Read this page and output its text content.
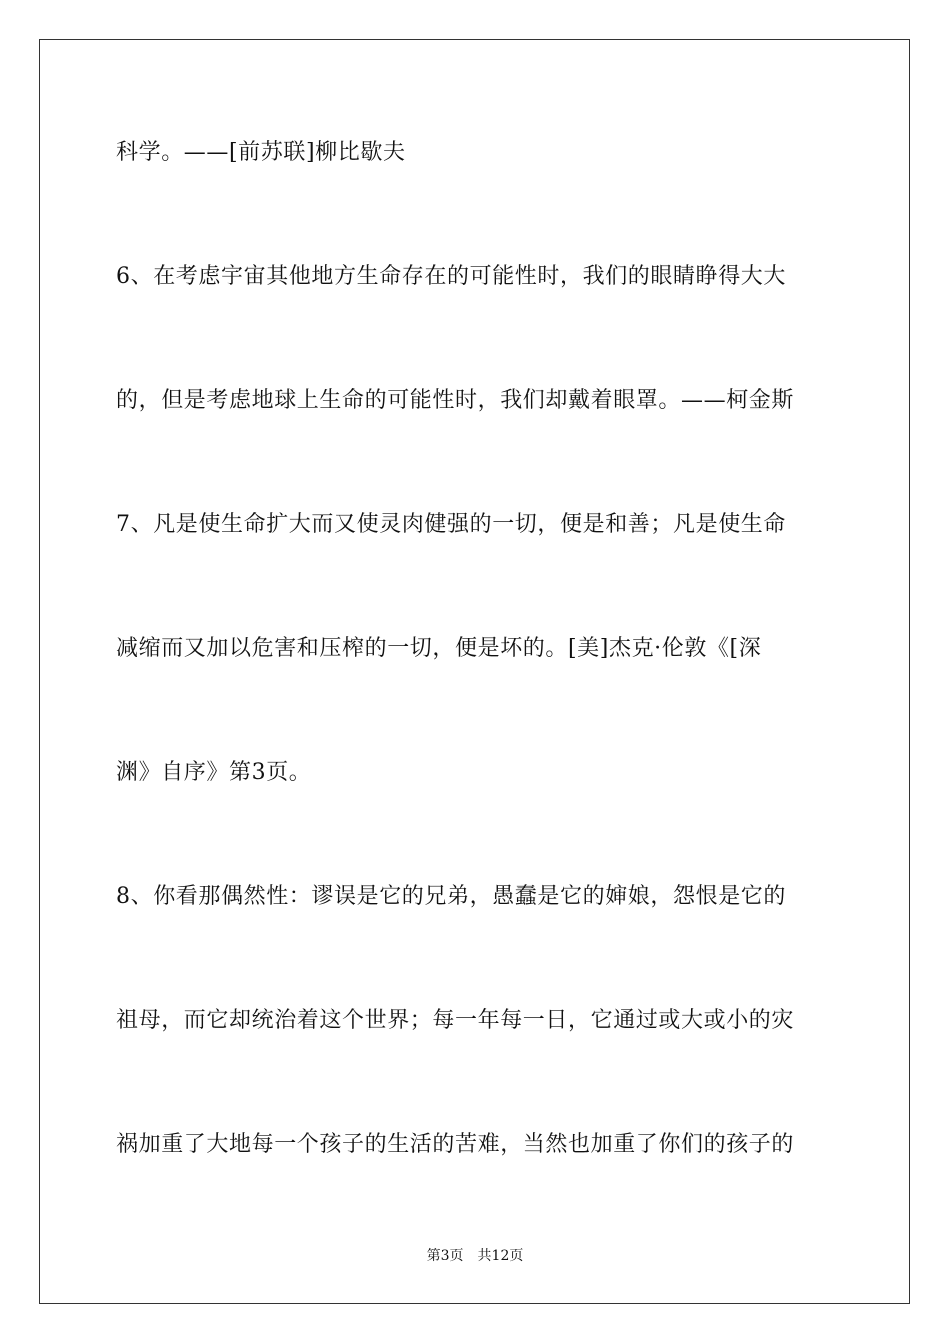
科学。——[前苏联]柳比歇夫
6、在考虑宇宙其他地方生命存在的可能性时，我们的眼睛睁得大大
的，但是考虑地球上生命的可能性时，我们却戴着眼罩。——柯金斯
7、凡是使生命扩大而又使灵肉健强的一切，便是和善；凡是使生命
减缩而又加以危害和压榨的一切，便是坏的。[美]杰克·伦敦《[深
渊》自序》第3页。
8、你看那偶然性：谬误是它的兄弟，愚蠢是它的婶娘，怨恨是它的
祖母，而它却统治着这个世界；每一年每一日，它通过或大或小的灾
祸加重了大地每一个孩子的生活的苦难，当然也加重了你们的孩子的
第3页 共12页
